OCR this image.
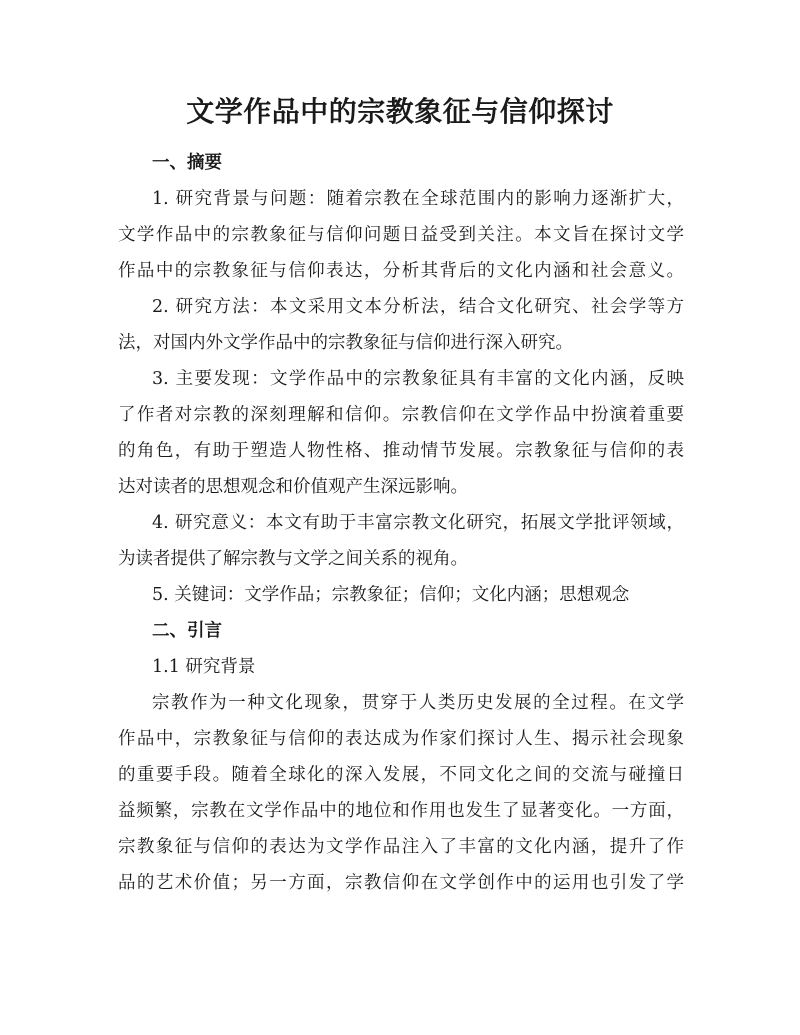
文学作品中的宗教象征与信仰探讨
一、摘要
1. 研究背景与问题：随着宗教在全球范围内的影响力逐渐扩大，
文学作品中的宗教象征与信仰问题日益受到关注。本文旨在探讨文学
作品中的宗教象征与信仰表达，分析其背后的文化内涵和社会意义。
2. 研究方法：本文采用文本分析法，结合文化研究、社会学等方
法，对国内外文学作品中的宗教象征与信仰进行深入研究。
3. 主要发现：文学作品中的宗教象征具有丰富的文化内涵，反映
了作者对宗教的深刻理解和信仰。宗教信仰在文学作品中扮演着重要
的角色，有助于塑造人物性格、推动情节发展。宗教象征与信仰的表
达对读者的思想观念和价值观产生深远影响。
4. 研究意义：本文有助于丰富宗教文化研究，拓展文学批评领域，
为读者提供了解宗教与文学之间关系的视角。
5. 关键词：文学作品；宗教象征；信仰；文化内涵；思想观念
二、引言
1.1 研究背景
宗教作为一种文化现象，贯穿于人类历史发展的全过程。在文学
作品中，宗教象征与信仰的表达成为作家们探讨人生、揭示社会现象
的重要手段。随着全球化的深入发展，不同文化之间的交流与碰撞日
益频繁，宗教在文学作品中的地位和作用也发生了显著变化。一方面，
宗教象征与信仰的表达为文学作品注入了丰富的文化内涵，提升了作
品的艺术价值；另一方面，宗教信仰在文学创作中的运用也引发了学
